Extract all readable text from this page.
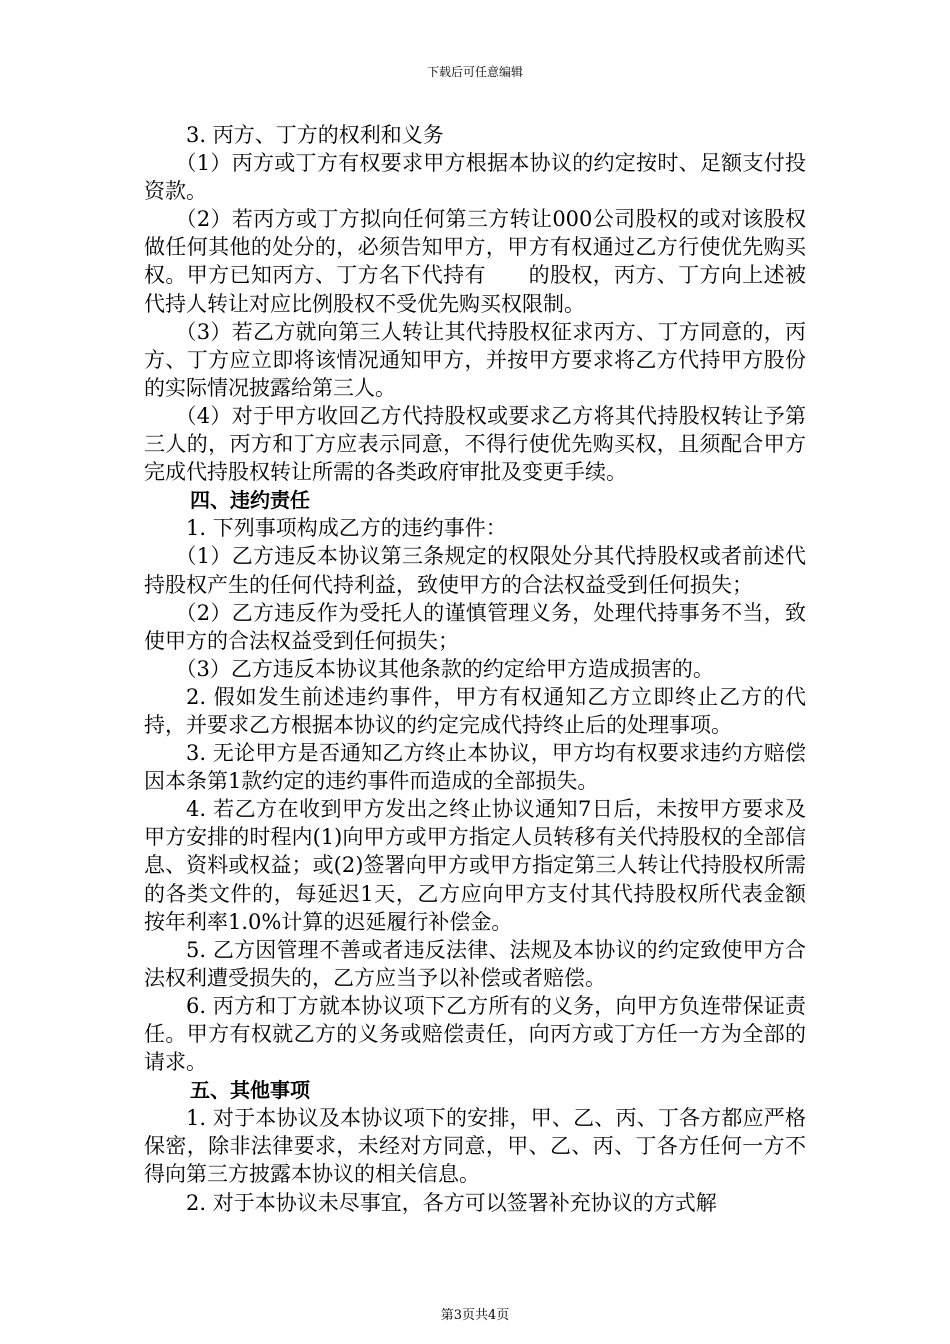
下载后可任意编辑

3. 丙方、丁方的权利和义务

（1）丙方或丁方有权要求甲方根据本协议的约定按时、足额支付投资款。

（2）若丙方或丁方拟向任何第三方转让000公司股权的或对该股权做任何其他的处分的，必须告知甲方，甲方有权通过乙方行使优先购买权。甲方已知丙方、丁方名下代持有　　的股权，丙方、丁方向上述被代持人转让对应比例股权不受优先购买权限制。

（3）若乙方就向第三人转让其代持股权征求丙方、丁方同意的，丙方、丁方应立即将该情况通知甲方，并按甲方要求将乙方代持甲方股份的实际情况披露给第三人。

（4）对于甲方收回乙方代持股权或要求乙方将其代持股权转让予第三人的，丙方和丁方应表示同意，不得行使优先购买权，且须配合甲方完成代持股权转让所需的各类政府审批及变更手续。

四、违约责任

1. 下列事项构成乙方的违约事件：

（1）乙方违反本协议第三条规定的权限处分其代持股权或者前述代持股权产生的任何代持利益，致使甲方的合法权益受到任何损失；

（2）乙方违反作为受托人的谨慎管理义务，处理代持事务不当，致使甲方的合法权益受到任何损失；

（3）乙方违反本协议其他条款的约定给甲方造成损害的。

2. 假如发生前述违约事件，甲方有权通知乙方立即终止乙方的代持，并要求乙方根据本协议的约定完成代持终止后的处理事项。

3. 无论甲方是否通知乙方终止本协议，甲方均有权要求违约方赔偿因本条第1款约定的违约事件而造成的全部损失。

4. 若乙方在收到甲方发出之终止协议通知7日后，未按甲方要求及甲方安排的时程内(1)向甲方或甲方指定人员转移有关代持股权的全部信息、资料或权益；或(2)签署向甲方或甲方指定第三人转让代持股权所需的各类文件的，每延迟1天，乙方应向甲方支付其代持股权所代表金额按年利率1.0%计算的迟延履行补偿金。

5. 乙方因管理不善或者违反法律、法规及本协议的约定致使甲方合法权利遭受损失的，乙方应当予以补偿或者赔偿。

6. 丙方和丁方就本协议项下乙方所有的义务，向甲方负连带保证责任。甲方有权就乙方的义务或赔偿责任，向丙方或丁方任一方为全部的请求。

五、其他事项

1. 对于本协议及本协议项下的安排，甲、乙、丙、丁各方都应严格保密，除非法律要求，未经对方同意，甲、乙、丙、丁各方任何一方不得向第三方披露本协议的相关信息。

2. 对于本协议未尽事宜，各方可以签署补充协议的方式解

第3页共4页
